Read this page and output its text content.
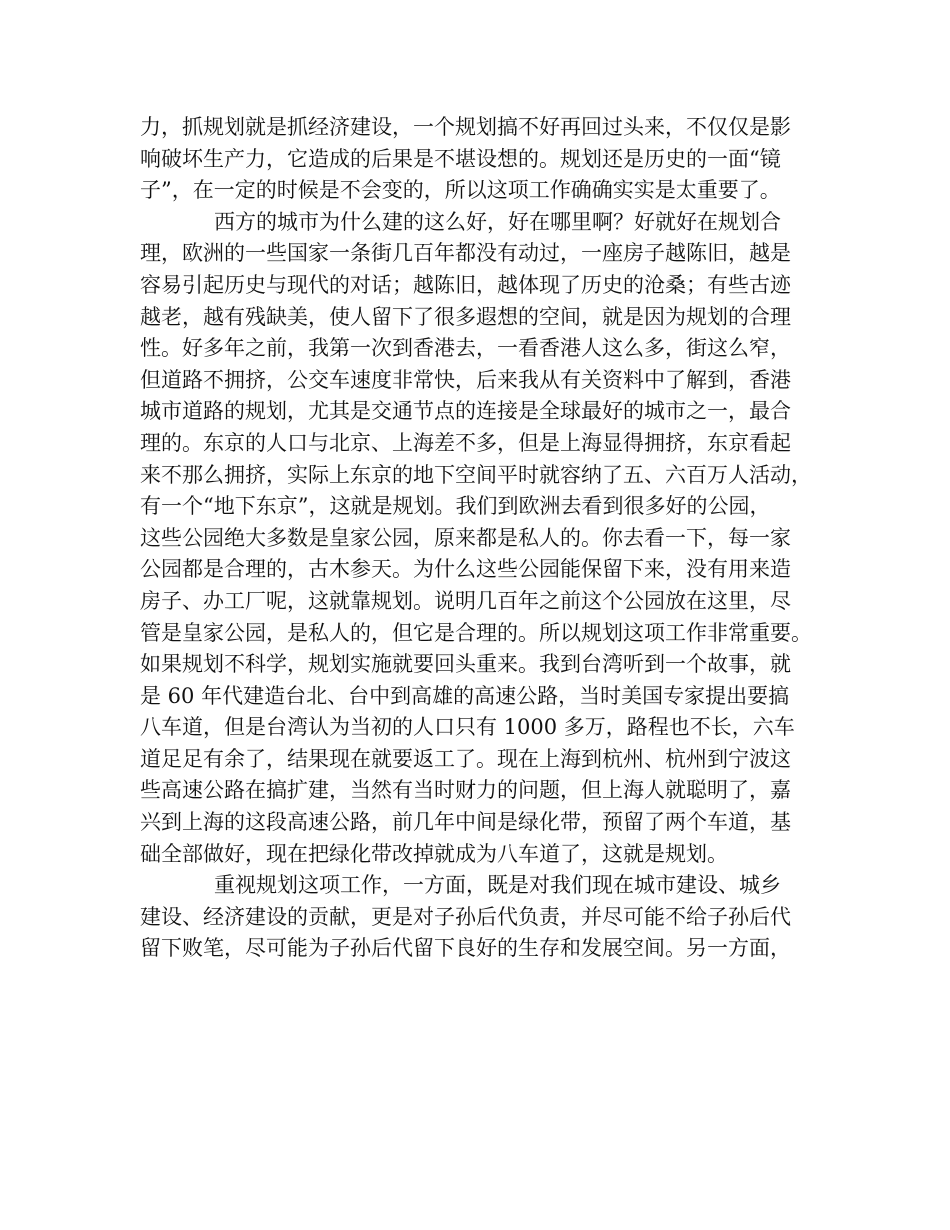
力，抓规划就是抓经济建设，一个规划搞不好再回过头来，不仅仅是影
响破坏生产力，它造成的后果是不堪设想的。规划还是历史的一面“镜
子”，在一定的时候是不会变的，所以这项工作确确实实是太重要了。
西方的城市为什么建的这么好，好在哪里啊？好就好在规划合
理，欧洲的一些国家一条街几百年都没有动过，一座房子越陈旧，越是
容易引起历史与现代的对话；越陈旧，越体现了历史的沧桑；有些古迹
越老，越有残缺美，使人留下了很多遐想的空间，就是因为规划的合理
性。好多年之前，我第一次到香港去，一看香港人这么多，街这么窄，
但道路不拥挤，公交车速度非常快，后来我从有关资料中了解到，香港
城市道路的规划，尤其是交通节点的连接是全球最好的城市之一，最合
理的。东京的人口与北京、上海差不多，但是上海显得拥挤，东京看起
来不那么拥挤，实际上东京的地下空间平时就容纳了五、六百万人活动，
有一个“地下东京”，这就是规划。我们到欧洲去看到很多好的公园，
这些公园绝大多数是皇家公园，原来都是私人的。你去看一下，每一家
公园都是合理的，古木参天。为什么这些公园能保留下来，没有用来造
房子、办工厂呢，这就靠规划。说明几百年之前这个公园放在这里，尽
管是皇家公园，是私人的，但它是合理的。所以规划这项工作非常重要。
如果规划不科学，规划实施就要回头重来。我到台湾听到一个故事，就
是 60 年代建造台北、台中到高雄的高速公路，当时美国专家提出要搞
八车道，但是台湾认为当初的人口只有 1000 多万，路程也不长，六车
道足足有余了，结果现在就要返工了。现在上海到杭州、杭州到宁波这
些高速公路在搞扩建，当然有当时财力的问题，但上海人就聪明了，嘉
兴到上海的这段高速公路，前几年中间是绿化带，预留了两个车道，基
础全部做好，现在把绿化带改掉就成为八车道了，这就是规划。
重视规划这项工作，一方面，既是对我们现在城市建设、城乡
建设、经济建设的贡献，更是对子孙后代负责，并尽可能不给子孙后代
留下败笔，尽可能为子孙后代留下良好的生存和发展空间。另一方面，
